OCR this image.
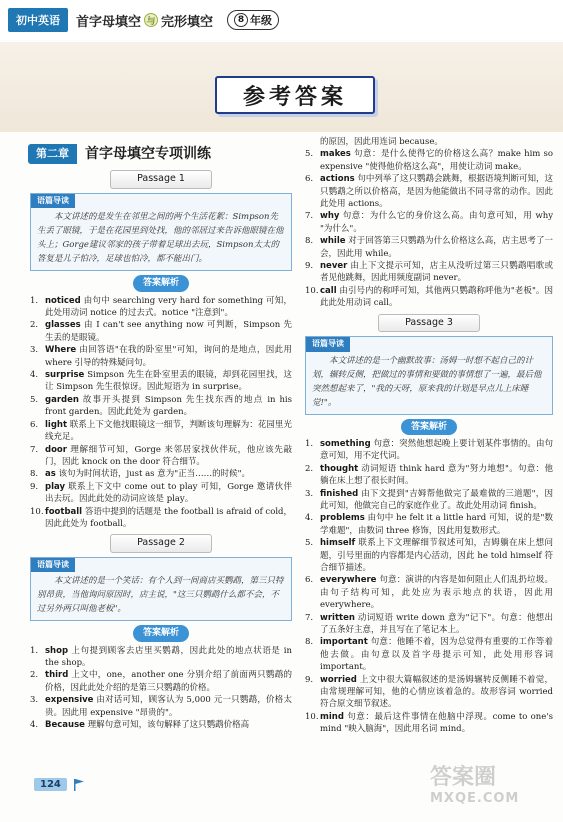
初中英语	首字母填空 与 完形填空	8 年级
参考答案
第二章	首字母填空专项训练
Passage 1
语篇导读
本文讲述的是发生在邻里之间的两个生活花絮：Simpson先生丢了眼镜，于是在花园里到处找，他的邻居过来告诉他眼镜在他头上；Gorge建议邻家的孩子带着足球出去玩，Simpson太太的答复是儿子怕冷，足球也怕冷，都不能出门。
答案解析
1. noticed 由句中 searching very hard for something 可知，此处用动词 notice 的过去式。notice "注意到"。
2. glasses 由 I can't see anything now 可判断，Simpson 先生丢的是眼镜。
3. Where 由回答语"在我的卧室里"可知，询问的是地点，因此用 where 引导的特殊疑问句。
4. surprise Simpson 先生在卧室里丢的眼镜，却到花园里找，这让 Simpson 先生很惊讶。因此短语为 in surprise。
5. garden 故事开头提到 Simpson 先生找东西的地点 in his front garden。因此此处为 garden。
6. light 联系上下文他找眼镜这一细节，判断该句理解为：花园里光线充足。
7. door 理解细节可知，Gorge 来邻居家找伙伴玩，他应该先敲门，因此 knock on the door 符合细节。
8. as 该句为时间状语，just as 意为"正当……的时候"。
9. play 联系上下文中 come out to play 可知，Gorge 邀请伙伴出去玩。因此此处的动词应该是 play。
10. football 答语中提到的话题是 the football is afraid of cold，因此此处为 football。
Passage 2
语篇导读
本文讲述的是一个笑话：有个人到一间商店买鹦鹉，第三只特别昂贵，当他询问原因时，店主说，"这三只鹦鹉什么都不会，不过另外两只叫他老板"。
答案解析
1. shop 上句提到顾客去店里买鹦鹉，因此此处的地点状语是 in the shop。
2. third 上文中，one，another one 分别介绍了前面两只鹦鹉的价格，因此此处介绍的是第三只鹦鹉的价格。
3. expensive 由对话可知，顾客认为 5,000 元一只鹦鹉，价格太贵。因此用 expensive "昂贵的"。
4. Because 理解句意可知，该句解释了这只鹦鹉价格高
的原因，因此用连词 because。
5. makes 句意：是什么使得它的价格这么高？make him so expensive "使得他价格这么高"，用使让动词 make。
6. actions 句中列举了这只鹦鹉会跳舞，根据语境判断可知，这只鹦鹉之所以价格高，是因为他能做出不同寻常的动作。因此此处用 actions。
7. why 句意：为什么它的身价这么高。由句意可知，用 why "为什么"。
8. while 对于回答第三只鹦鹉为什么价格这么高，店主思考了一会，因此用 while。
9. never 由上下文提示可知，店主从没听过第三只鹦鹉唱歌或者见他跳舞，因此用频度副词 never。
10. call 由引号内的称呼可知，其他两只鹦鹉称呼他为"老板"。因此此处用动词 call。
Passage 3
语篇导读
本文讲述的是一个幽默故事：汤姆一时想不起自己的计划，辗转反侧，把做过的事情和要做的事情想了一遍，最后他突然想起来了，"我的天呀，原来我的计划是早点儿上床睡觉!"。
答案解析
1. something 句意：突然他想起晚上要计划某件事情的。由句意可知，用不定代词。
2. thought 动词短语 think hard 意为"努力地想"。句意：他躺在床上想了很长时间。
3. finished 由下文提到"吉姆帮他做完了最难做的三道题"，因此可知，他做完自己的家庭作业了。故此处用动词 finish。
4. problems 由句中 he felt it a little hard 可知，说的是"数学难题"，由数词 three 修饰，因此用复数形式。
5. himself 联系上下文理解细节叙述可知，吉姆躺在床上想问题，引号里面的内容都是内心活动，因此 he told himself 符合细节描述。
6. everywhere 句意：演讲的内容是如何阻止人们乱扔垃圾。由句子结构可知，此处应为表示地点的状语，因此用 everywhere。
7. written 动词短语 write down 意为"记下"。句意：他想出了五条好主意，并且写在了笔记本上。
8. important 句意：他睡不着，因为总觉得有重要的工作等着他去做。由句意以及首字母提示可知，此处用形容词 important。
9. worried 上文中很大篇幅叙述的是汤姆辗转反侧睡不着觉，由常规理解可知，他的心情应该着急的。故形容词 worried 符合原文细节叙述。
10. mind 句意：最后这件事情在他脑中浮现。come to one's mind "映入脑海"，因此用名词 mind。
124	答案圈
MXQE.COM
